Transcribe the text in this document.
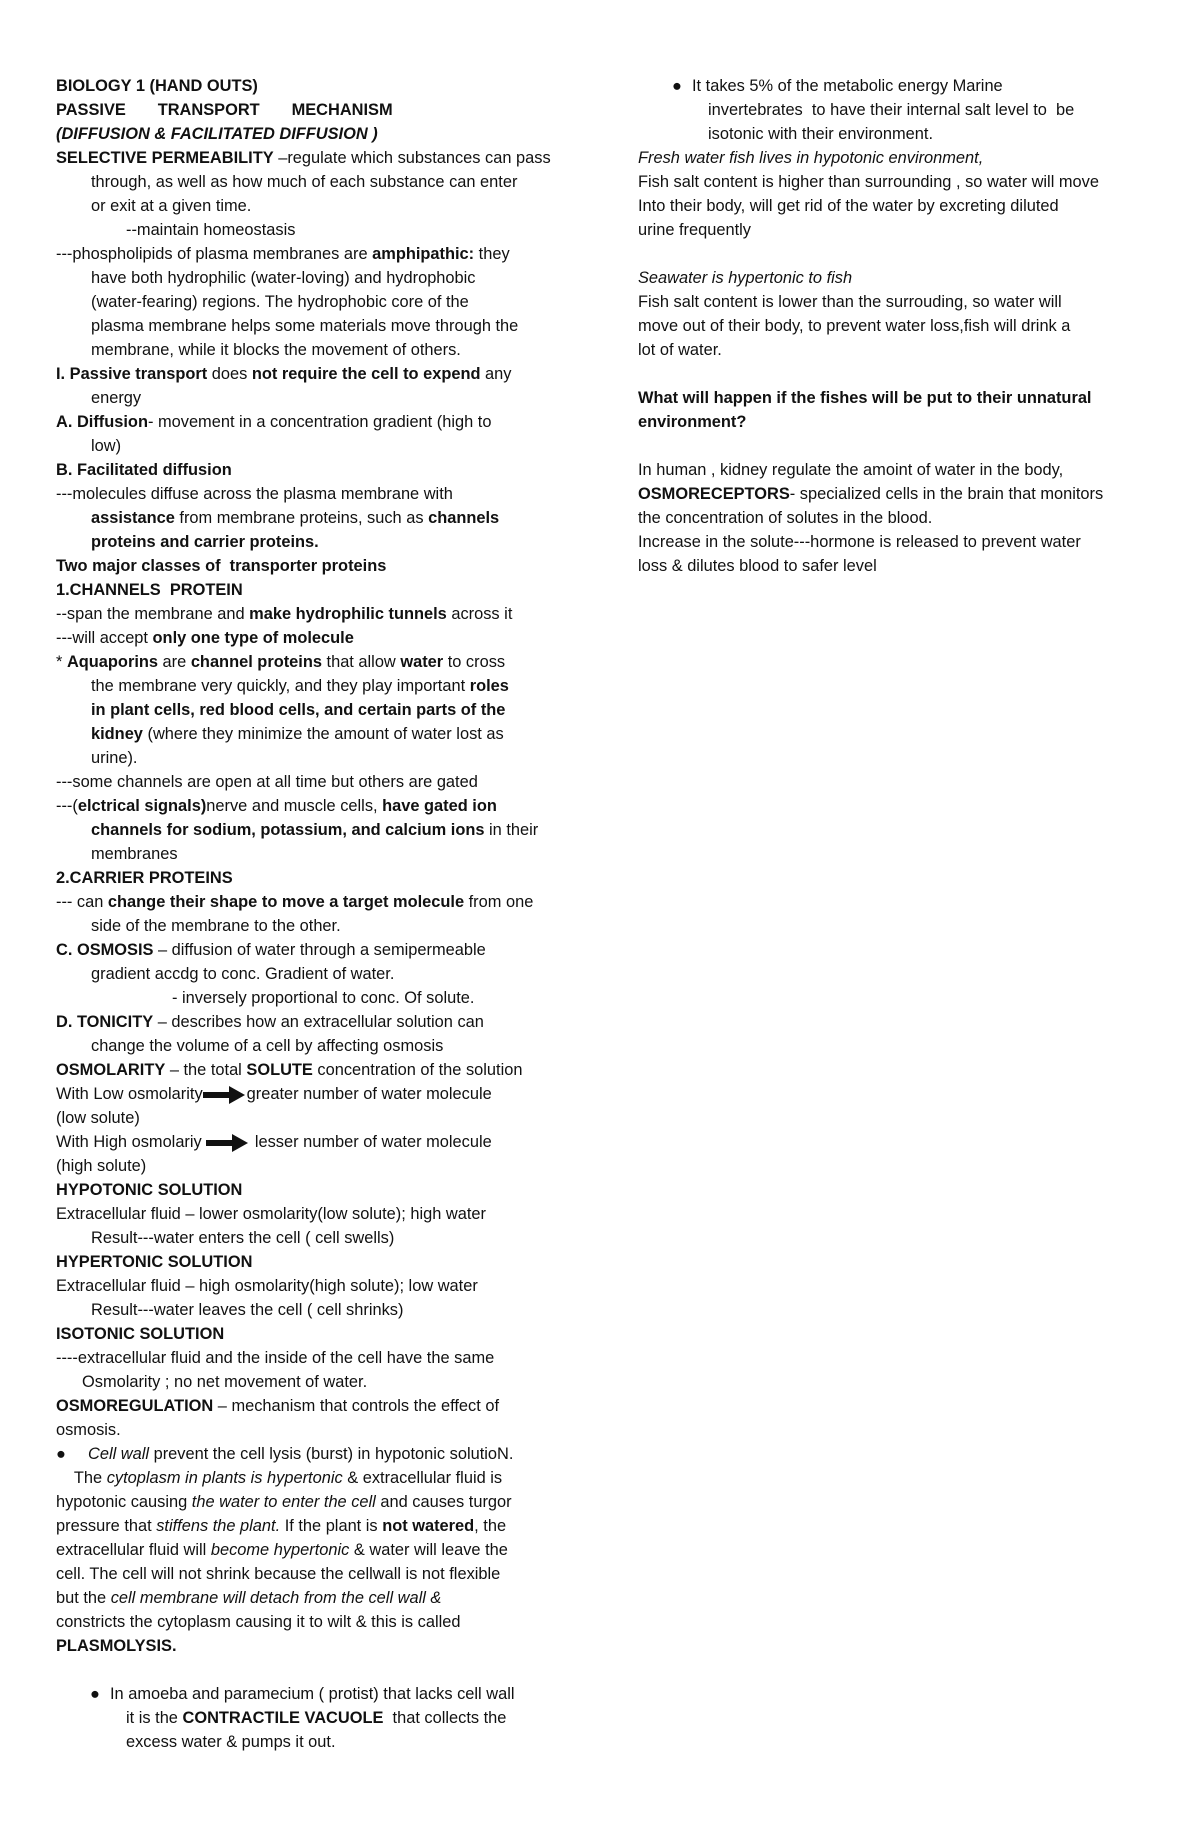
BIOLOGY 1 (HAND OUTS)
PASSIVE       TRANSPORT       MECHANISM
(DIFFUSION & FACILITATED DIFFUSION )
SELECTIVE PERMEABILITY –regulate which substances can pass
through, as well as how much of each substance can enter
or exit at a given time.
--maintain homeostasis
---phospholipids of plasma membranes are amphipathic: they
have both hydrophilic (water-loving) and hydrophobic
(water-fearing) regions. The hydrophobic core of the
plasma membrane helps some materials move through the
membrane, while it blocks the movement of others.
I. Passive transport does not require the cell to expend any
energy
A. Diffusion- movement in a concentration gradient (high to
low)
B. Facilitated diffusion
---molecules diffuse across the plasma membrane with
assistance from membrane proteins, such as channels
proteins and carrier proteins.
Two major classes of  transporter proteins
1.CHANNELS  PROTEIN
--span the membrane and make hydrophilic tunnels across it
---will accept only one type of molecule
* Aquaporins are channel proteins that allow water to cross
the membrane very quickly, and they play important roles
in plant cells, red blood cells, and certain parts of the
kidney (where they minimize the amount of water lost as
urine).
---some channels are open at all time but others are gated
---(elctrical signals)nerve and muscle cells, have gated ion
channels for sodium, potassium, and calcium ions in their
membranes
2.CARRIER PROTEINS
--- can change their shape to move a target molecule from one
side of the membrane to the other.
C. OSMOSIS – diffusion of water through a semipermeable
gradient accdg to conc. Gradient of water.
- inversely proportional to conc. Of solute.
D. TONICITY – describes how an extracellular solution can
change the volume of a cell by affecting osmosis
OSMOLARITY – the total SOLUTE concentration of the solution
With Low osmolarity	greater number of water molecule
(low solute)
With High osmolariy	lesser number of water molecule
(high solute)
HYPOTONIC SOLUTION
Extracellular fluid – lower osmolarity(low solute); high water
Result---water enters the cell ( cell swells)
HYPERTONIC SOLUTION
Extracellular fluid – high osmolarity(high solute); low water
Result---water leaves the cell ( cell shrinks)
ISOTONIC SOLUTION
----extracellular fluid and the inside of the cell have the same
Osmolarity ; no net movement of water.
OSMOREGULATION – mechanism that controls the effect of
osmosis.
● Cell wall prevent the cell lysis (burst) in hypotonic solutioN.
The cytoplasm in plants is hypertonic & extracellular fluid is
hypotonic causing the water to enter the cell and causes turgor
pressure that stiffens the plant. If the plant is not watered, the
extracellular fluid will become hypertonic & water will leave the
cell. The cell will not shrink because the cellwall is not flexible
but the cell membrane will detach from the cell wall &
constricts the cytoplasm causing it to wilt & this is called
PLASMOLYSIS.
● In amoeba and paramecium ( protist) that lacks cell wall
it is the CONTRACTILE VACUOLE  that collects the
excess water & pumps it out.
● It takes 5% of the metabolic energy Marine
invertebrates  to have their internal salt level to  be
isotonic with their environment.
Fresh water fish lives in hypotonic environment,
Fish salt content is higher than surrounding , so water will move
Into their body, will get rid of the water by excreting diluted
urine frequently
Seawater is hypertonic to fish
Fish salt content is lower than the surrouding, so water will
move out of their body, to prevent water loss,fish will drink a
lot of water.
What will happen if the fishes will be put to their unnatural
environment?
In human , kidney regulate the amoint of water in the body,
OSMORECEPTORS- specialized cells in the brain that monitors
the concentration of solutes in the blood.
Increase in the solute---hormone is released to prevent water
loss & dilutes blood to safer level
